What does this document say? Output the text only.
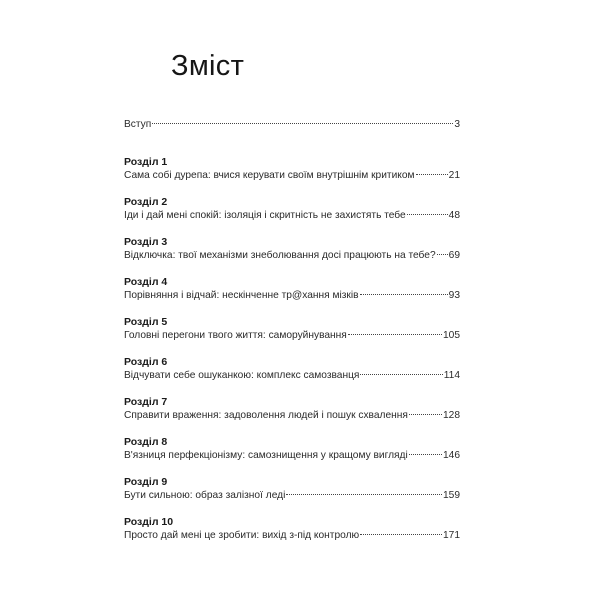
Зміст
Вступ	3
Розділ 1
Сама собі дурепа: вчися керувати своїм внутрішнім критиком	21
Розділ 2
Іди і дай мені спокій: ізоляція і скритність не захистять тебе	48
Розділ 3
Відключка: твої механізми знеболювання досі працюють на тебе? 69
Розділ 4
Порівняння і відчай: нескінченне тр@хання мізків	93
Розділ 5
Головні перегони твого життя: саморуйнування	105
Розділ 6
Відчувати себе ошуканкою: комплекс самозванця	114
Розділ 7
Справити враження: задоволення людей і пошук схвалення	128
Розділ 8
В'язниця перфекціонізму: самознищення у кращому вигляді	146
Розділ 9
Бути сильною: образ залізної леді	159
Розділ 10
Просто дай мені це зробити: вихід з-під контролю	171
